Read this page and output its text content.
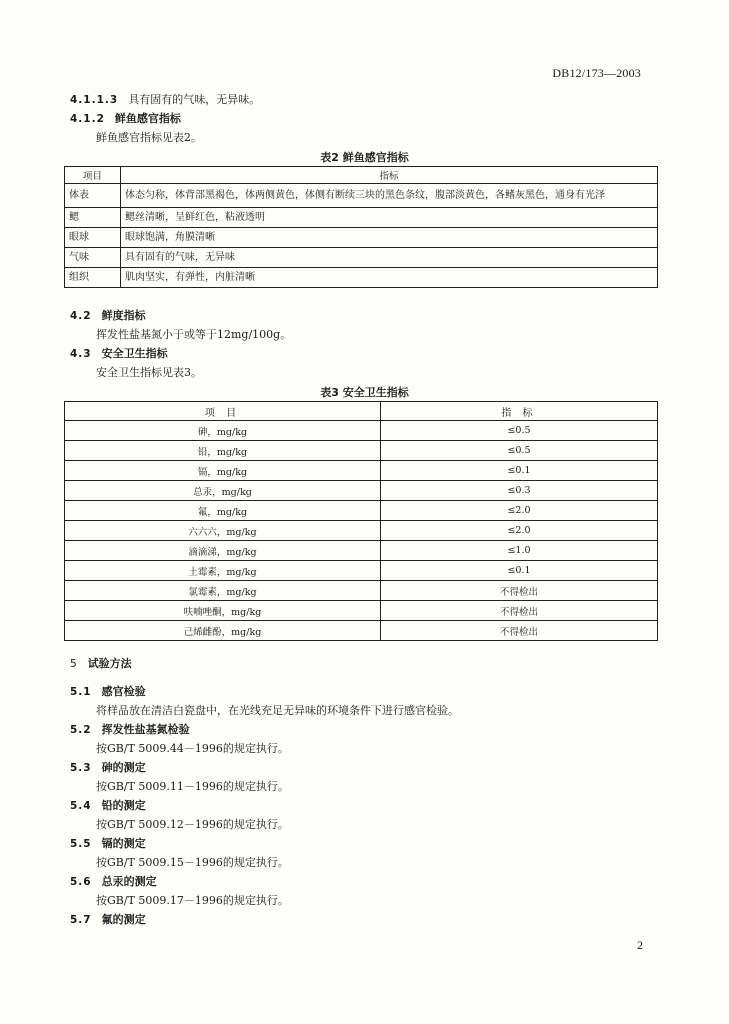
DB12/173—2003
4.1.1.3 具有固有的气味，无异味。
4.1.2 鲜鱼感官指标
鲜鱼感官指标见表2。
表2 鲜鱼感官指标
项目	指标
体表	体态匀称，体背部黑褐色，体两侧黄色，体侧有断续三块的黑色条纹，腹部淡黄色，各鳍灰黑色，通身有光泽
鳃	鳃丝清晰，呈鲜红色，粘液透明
眼球	眼球饱满，角膜清晰
气味	具有固有的气味，无异味
组织	肌肉坚实，有弹性，内脏清晰
4.2 鲜度指标
挥发性盐基氮小于或等于12mg/100g。
4.3 安全卫生指标
安全卫生指标见表3。
表3 安全卫生指标
项 目	指 标
砷，mg/kg	≤0.5
铅，mg/kg	≤0.5
镉，mg/kg	≤0.1
总汞，mg/kg	≤0.3
氟，mg/kg	≤2.0
六六六，mg/kg	≤2.0
滴滴涕，mg/kg	≤1.0
土霉素，mg/kg	≤0.1
氯霉素，mg/kg	不得检出
呋喃唑酮，mg/kg	不得检出
己烯雌酚，mg/kg	不得检出
5 试验方法
5.1 感官检验
将样品放在清洁白瓷盘中，在光线充足无异味的环境条件下进行感官检验。
5.2 挥发性盐基氮检验
按GB/T 5009.44－1996的规定执行。
5.3 砷的测定
按GB/T 5009.11－1996的规定执行。
5.4 铅的测定
按GB/T 5009.12－1996的规定执行。
5.5 镉的测定
按GB/T 5009.15－1996的规定执行。
5.6 总汞的测定
按GB/T 5009.17－1996的规定执行。
5.7 氟的测定
2
